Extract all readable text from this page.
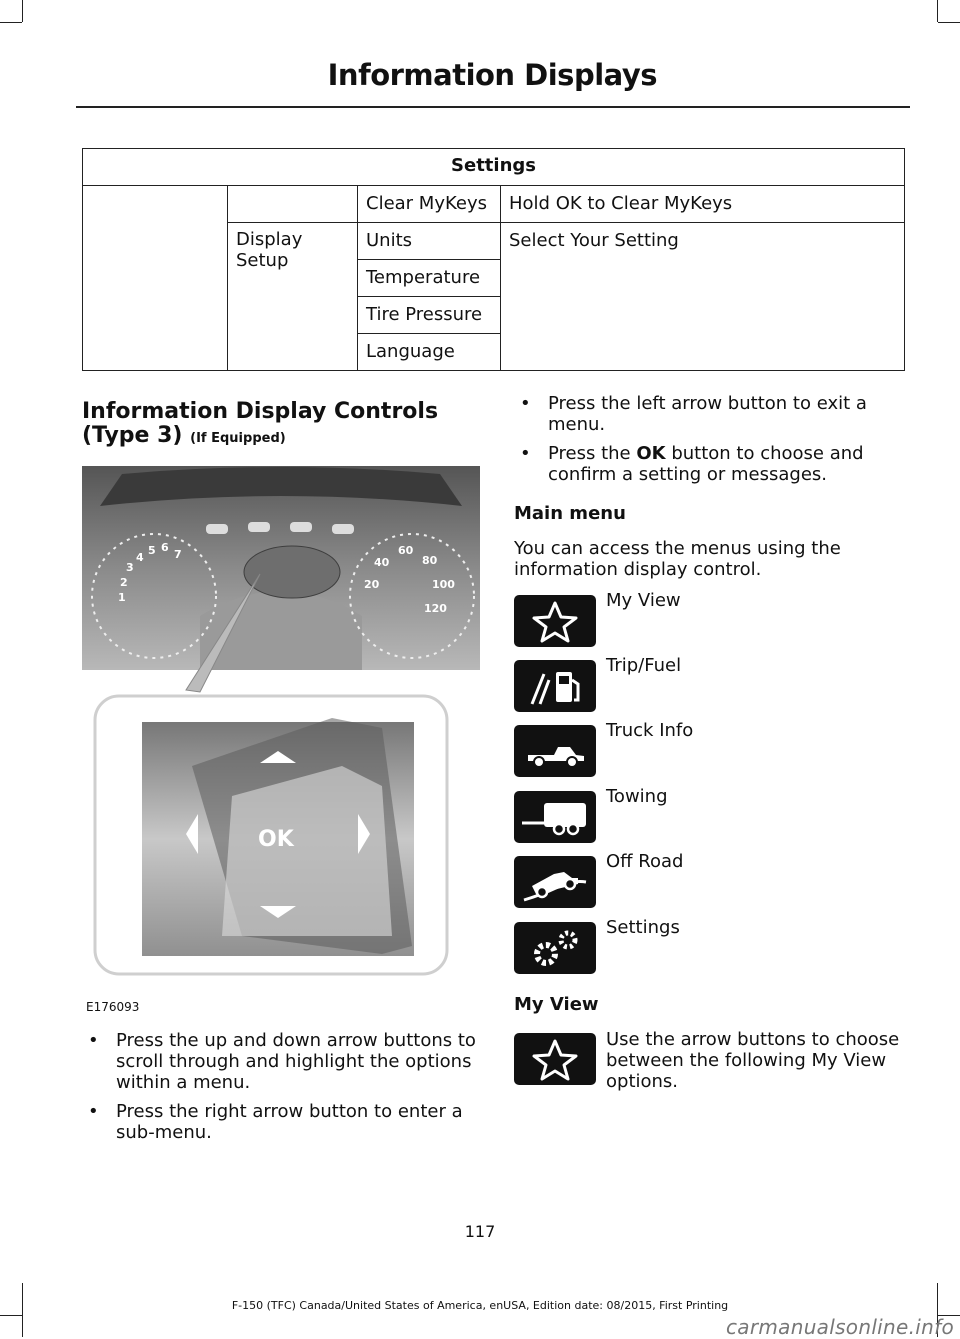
Information Displays
Settings			
		Clear MyKeys	Hold OK to Clear MyKeys

	Display Setup	Units	Select Your Setting
		Temperature	
		Tire Pressure	
		Language	
Information Display Controls (Type 3) (If Equipped)
1
2
3
4
5 6
7
20
40
60
80
100
120
OK
E176093
• Press the up and down arrow buttons to scroll through and highlight the options within a menu.
• Press the right arrow button to enter a sub-menu.
• Press the left arrow button to exit a menu.
• Press the OK button to choose and confirm a setting or messages.
Main menu
You can access the menus using the information display control.
My View
Trip/Fuel
Truck Info
Towing
Off Road
Settings
My View
Use the arrow buttons to choose between the following My View options.
117
F-150 (TFC) Canada/United States of America, enUSA, Edition date: 08/2015, First Printing
carmanualsonline.info
